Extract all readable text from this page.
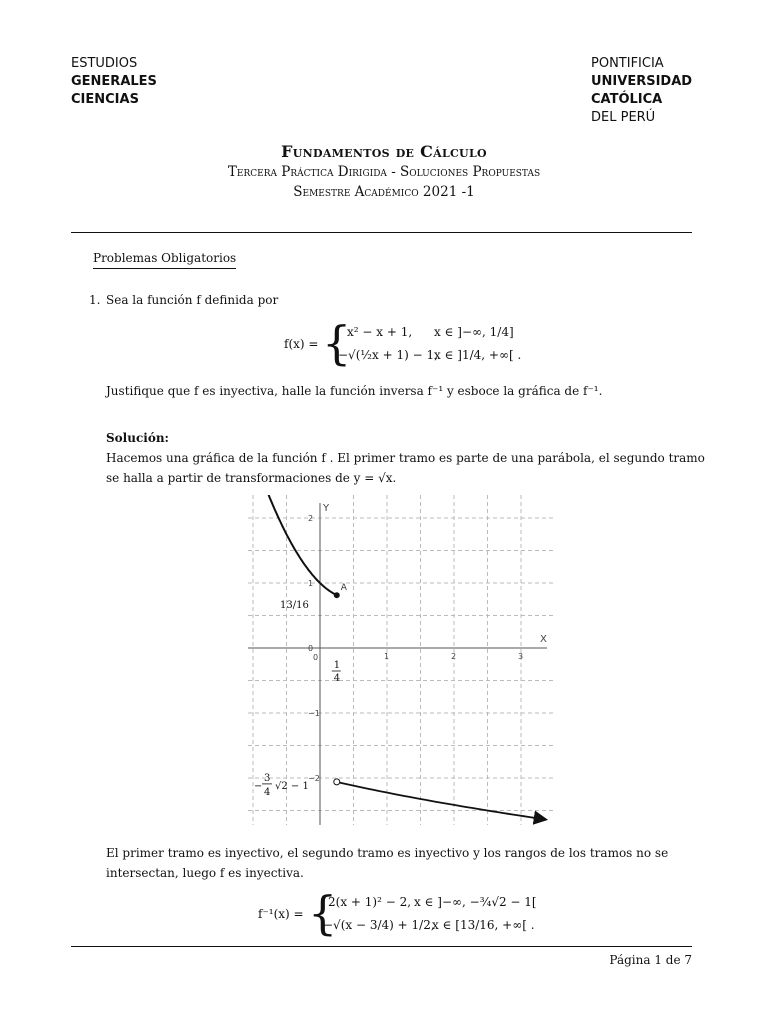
ESTUDIOS
GENERALES
CIENCIAS
PONTIFICIA
UNIVERSIDAD
CATÓLICA
DEL PERÚ
Fundamentos de Cálculo
Tercera Práctica Dirigida - Soluciones Propuestas
Semestre Académico 2021 -1
Problemas Obligatorios
1. Sea la función f definida por
f(x) = {
x² − x + 1, x ∈ ]−∞, 1/4]
−√(½x + 1) − 1,
x ∈ ]1/4, +∞[ .
Justifique que f es inyectiva, halle la función inversa f⁻¹ y esboce la gráfica de f⁻¹.
Solución:
Hacemos una gráfica de la función f . El primer tramo es parte de una parábola, el segundo tramo
se halla a partir de transformaciones de y = √x.
X
Y
1	2	3
2
1
0
−1
−2
0
A
1
4
13/16
−
3
4
√2 − 1
El primer tramo es inyectivo, el segundo tramo es inyectivo y los rangos de los tramos no se
intersectan, luego f es inyectiva.
f⁻¹(x) = {
2(x + 1)² − 2, x ∈ ]−∞, −¾√2 − 1[
−√(x − 3/4) + 1/2,
x ∈ [13/16, +∞[ .
Página 1 de 7
